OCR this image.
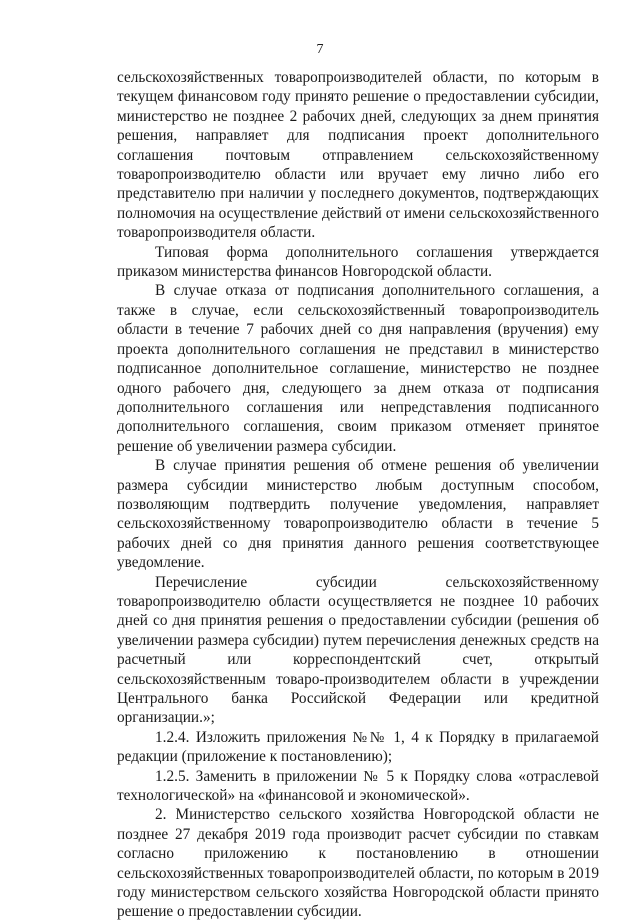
7

сельскохозяйственных товаропроизводителей области, по которым в текущем финансовом году принято решение о предоставлении субсидии, министерство не позднее 2 рабочих дней, следующих за днем принятия решения, направляет для подписания проект дополнительного соглашения почтовым отправлением сельскохозяйственному товаропроизводителю области или вручает ему лично либо его представителю при наличии у последнего документов, подтверждающих полномочия на осуществление действий от имени сельскохозяйственного товаропроизводителя области.

Типовая форма дополнительного соглашения утверждается приказом министерства финансов Новгородской области.

В случае отказа от подписания дополнительного соглашения, а также в случае, если сельскохозяйственный товаропроизводитель области в течение 7 рабочих дней со дня направления (вручения) ему проекта дополнительного соглашения не представил в министерство подписанное дополнительное соглашение, министерство не позднее одного рабочего дня, следующего за днем отказа от подписания дополнительного соглашения или непредставления подписанного дополнительного соглашения, своим приказом отменяет принятое решение об увеличении размера субсидии.

В случае принятия решения об отмене решения об увеличении размера субсидии министерство любым доступным способом, позволяющим подтвердить получение уведомления, направляет сельскохозяйственному товаропроизводителю области в течение 5 рабочих дней со дня принятия данного решения соответствующее уведомление.

Перечисление субсидии сельскохозяйственному товаропроизводителю области осуществляется не позднее 10 рабочих дней со дня принятия решения о предоставлении субсидии (решения об увеличении размера субсидии) путем перечисления денежных средств на расчетный или корреспондентский счет, открытый сельскохозяйственным товаро-производителем области в учреждении Центрального банка Российской Федерации или кредитной организации.»;

1.2.4. Изложить приложения №№ 1, 4 к Порядку в прилагаемой редакции (приложение к постановлению);

1.2.5. Заменить в приложении № 5 к Порядку слова «отраслевой технологической» на «финансовой и экономической».

2. Министерство сельского хозяйства Новгородской области не позднее 27 декабря 2019 года производит расчет субсидии по ставкам согласно приложению к постановлению в отношении сельскохозяйственных товаропроизводителей области, по которым в 2019 году министерством сельского хозяйства Новгородской области принято решение о предоставлении субсидии.
